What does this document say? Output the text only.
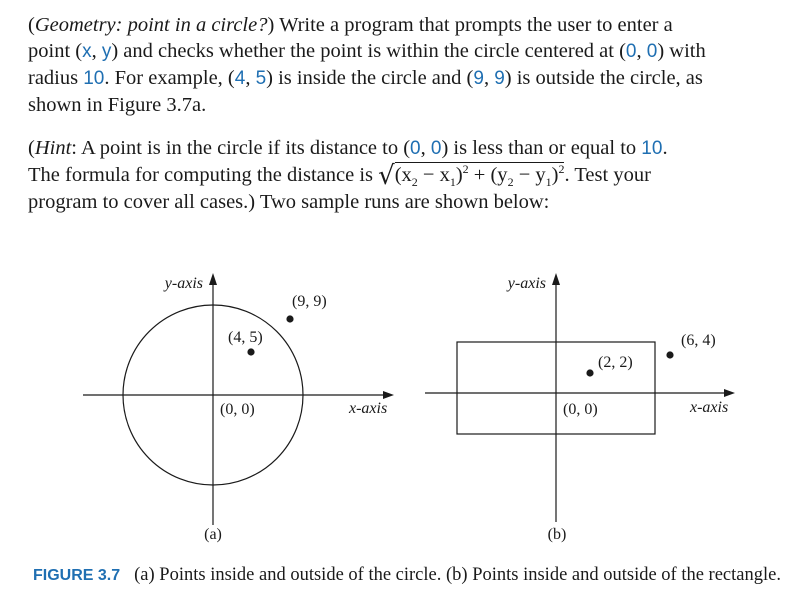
(Geometry: point in a circle?) Write a program that prompts the user to enter a
point (x, y) and checks whether the point is within the circle centered at (0, 0) with
radius 10. For example, (4, 5) is inside the circle and (9, 9) is outside the circle, as
shown in Figure 3.7a.
(Hint: A point is in the circle if its distance to (0, 0) is less than or equal to 10.
The formula for computing the distance is $√(x_2 - x_1)^2 + (y_2 - y_1)^2$. Test your
program to cover all cases.) Two sample runs are shown below:
y-axis
x-axis
(0, 0)
(4, 5)
(9, 9)
(a)
y-axis
x-axis
(0, 0)
(2, 2)
(6, 4)
(b)
FIGURE 3.7 (a) Points inside and outside of the circle. (b) Points inside and outside of the rectangle.
